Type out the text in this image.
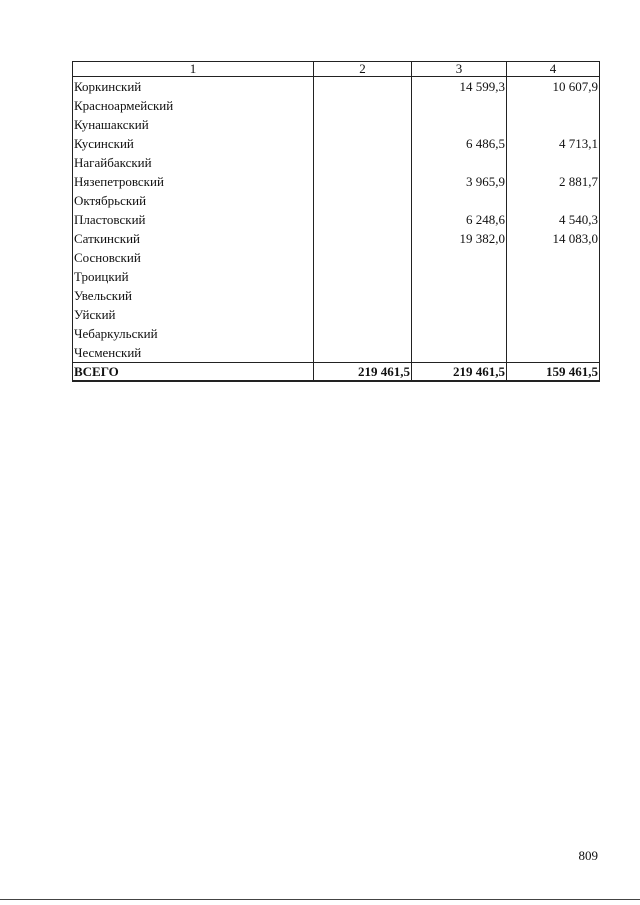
1	2	3	4
Коркинский		14 599,3	10 607,9
Красноармейский			
Кунашакский			
Кусинский		6 486,5	4 713,1
Нагайбакский			
Нязепетровский		3 965,9	2 881,7
Октябрьский			
Пластовский		6 248,6	4 540,3
Саткинский		19 382,0	14 083,0
Сосновский			
Троицкий			
Увельский			
Уйский			
Чебаркульский			
Чесменский			
ВСЕГО	219 461,5	219 461,5	159 461,5
809
